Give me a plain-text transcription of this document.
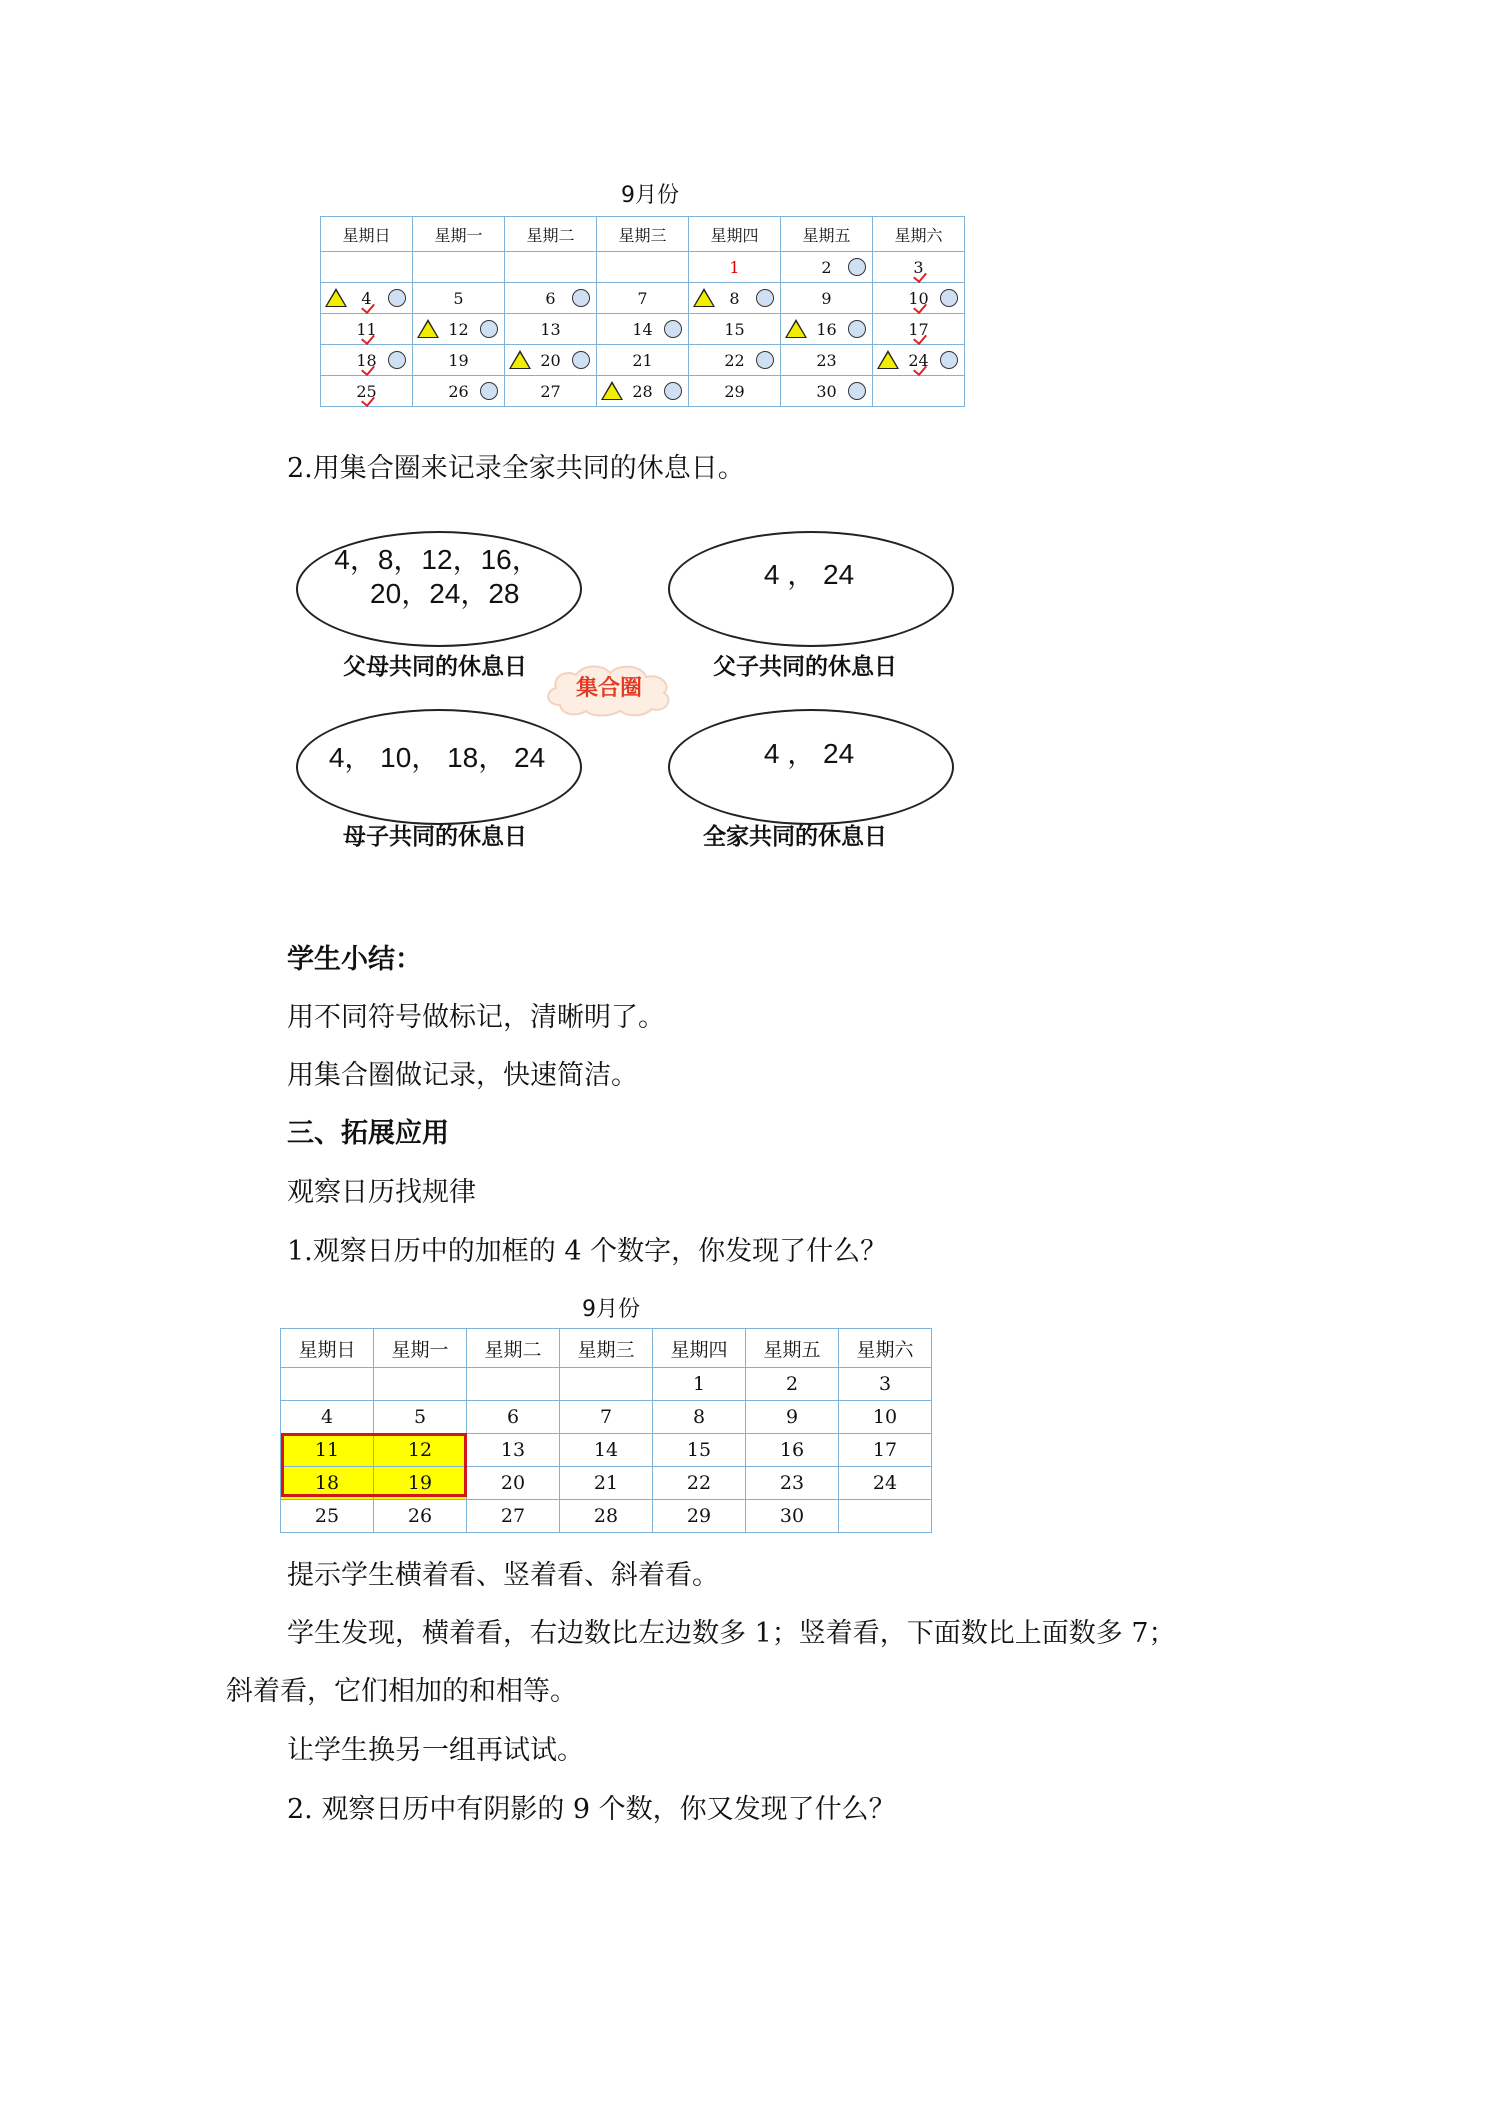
9月份
星期日	星期一	星期二	星期三	星期四	星期五	星期六
				1	2	3

4	5	6	7	8	9	10

11	12	13	14	15	16	17

18	19	20	21	22	23	24

25	26	27	28	29	30

2.用集合圈来记录全家共同的休息日。
4，8，12，16，
20，24，28
父母共同的休息日
4 ， 24
父子共同的休息日
集合圈
4， 10， 18， 24
母子共同的休息日
4 ， 24
全家共同的休息日
学生小结：
用不同符号做标记，清晰明了。
用集合圈做记录，快速简洁。
三、拓展应用
观察日历找规律
1.观察日历中的加框的 4 个数字，你发现了什么？
9月份
星期日	星期一	星期二	星期三	星期四	星期五	星期六
				1	2	3
4	5	6	7	8	9	10
11	12	13	14	15	16	17
18	19	20	21	22	23	24
25	26	27	28	29	30	
提示学生横着看、竖着看、斜着看。
学生发现，横着看，右边数比左边数多 1；竖着看，下面数比上面数多 7；
斜着看，它们相加的和相等。
让学生换另一组再试试。
2. 观察日历中有阴影的 9 个数，你又发现了什么？
